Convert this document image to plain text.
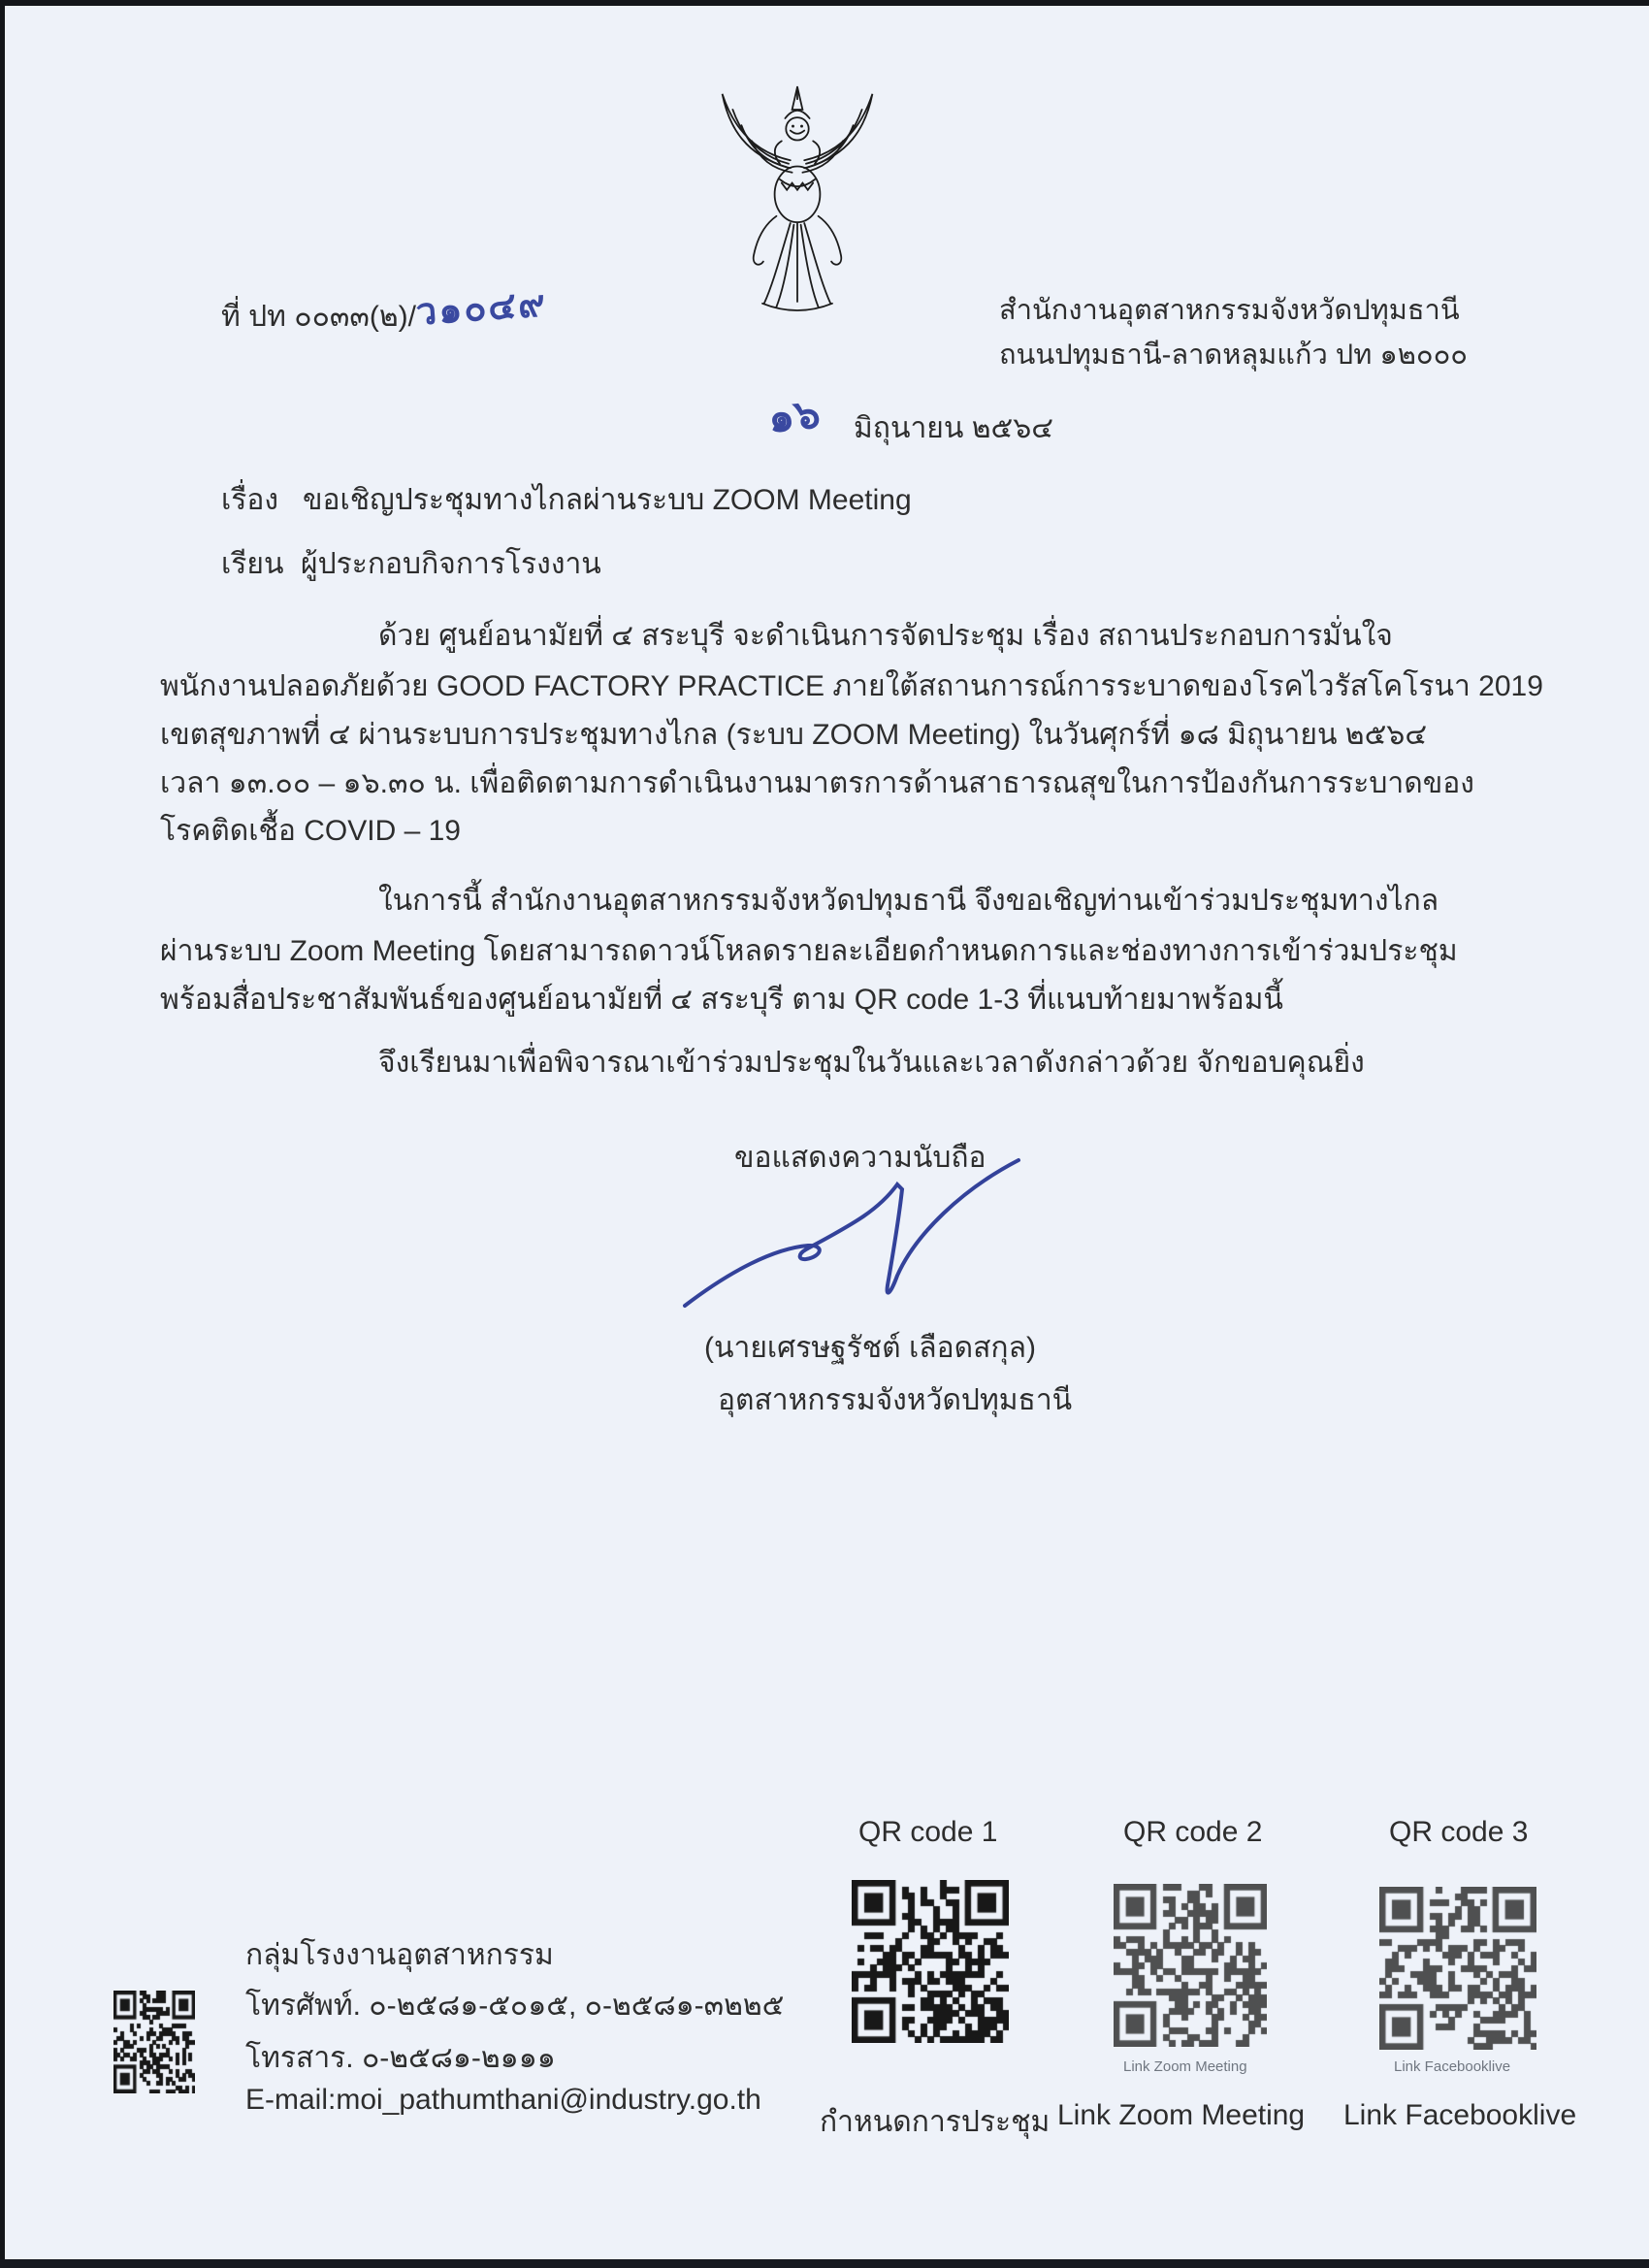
ที่ ปท ๐๐๓๓(๒)/ว๑๐๔๙	สำนักงานอุตสาหกรรมจังหวัดปทุมธานี
ถนนปทุมธานี-ลาดหลุมแก้ว ปท ๑๒๐๐๐
๑๖ มิถุนายน ๒๕๖๔
เรื่อง ขอเชิญประชุมทางไกลผ่านระบบ ZOOM Meeting
เรียน ผู้ประกอบกิจการโรงงาน
ด้วย ศูนย์อนามัยที่ ๔ สระบุรี จะดำเนินการจัดประชุม เรื่อง สถานประกอบการมั่นใจ
พนักงานปลอดภัยด้วย GOOD FACTORY PRACTICE ภายใต้สถานการณ์การระบาดของโรคไวรัสโคโรนา 2019
เขตสุขภาพที่ ๔ ผ่านระบบการประชุมทางไกล (ระบบ ZOOM Meeting) ในวันศุกร์ที่ ๑๘ มิถุนายน ๒๕๖๔
เวลา ๑๓.๐๐ – ๑๖.๓๐ น. เพื่อติดตามการดำเนินงานมาตรการด้านสาธารณสุขในการป้องกันการระบาดของ
โรคติดเชื้อ COVID – 19
ในการนี้ สำนักงานอุตสาหกรรมจังหวัดปทุมธานี จึงขอเชิญท่านเข้าร่วมประชุมทางไกล
ผ่านระบบ Zoom Meeting โดยสามารถดาวน์โหลดรายละเอียดกำหนดการและช่องทางการเข้าร่วมประชุม
พร้อมสื่อประชาสัมพันธ์ของศูนย์อนามัยที่ ๔ สระบุรี ตาม QR code 1-3 ที่แนบท้ายมาพร้อมนี้
จึงเรียนมาเพื่อพิจารณาเข้าร่วมประชุมในวันและเวลาดังกล่าวด้วย จักขอบคุณยิ่ง
ขอแสดงความนับถือ
(นายเศรษฐรัชต์ เลือดสกุล)
อุตสาหกรรมจังหวัดปทุมธานี
QR code 1	QR code 2	QR code 3
Link Zoom Meeting	Link Facebooklive
กำหนดการประชุม Link Zoom Meeting Link Facebooklive
กลุ่มโรงงานอุตสาหกรรม
โทรศัพท์. ๐-๒๕๘๑-๕๐๑๕, ๐-๒๕๘๑-๓๒๒๕
โทรสาร. ๐-๒๕๘๑-๒๑๑๑
E-mail:moi_pathumthani@industry.go.th
